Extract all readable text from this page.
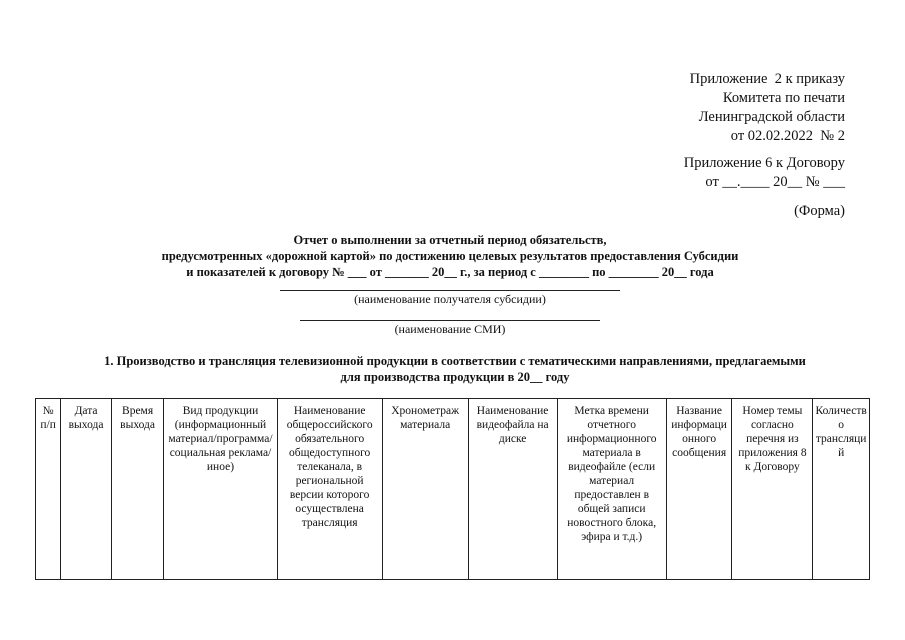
Приложение  2 к приказу
Комитета по печати
Ленинградской области
от 02.02.2022  № 2
Приложение 6 к Договору
от __.____ 20__ № ___
(Форма)
Отчет о выполнении за отчетный период обязательств,
предусмотренных «дорожной картой» по достижению целевых результатов предоставления Субсидии
и показателей к договору № ___ от _______ 20__ г., за период с ________ по ________ 20__ года
(наименование получателя субсидии)
(наименование СМИ)
1. Производство и трансляция телевизионной продукции в соответствии с тематическими направлениями, предлагаемыми
для производства продукции в 20__ году
№ п/п	Дата выхода	Время выхода	Вид продукции (информационный материал/программа/социальная реклама/иное)	Наименование общероссийского обязательного общедоступного телеканала, в региональной версии которого осуществлена трансляция	Хронометраж материала	Наименование видеофайла на диске	Метка времени отчетного информационного материала в видеофайле (если материал предоставлен в общей записи новостного блока, эфира и т.д.)	Название информационного сообщения	Номер темы согласно перечня из приложения 8 к Договору	Количество трансляций
